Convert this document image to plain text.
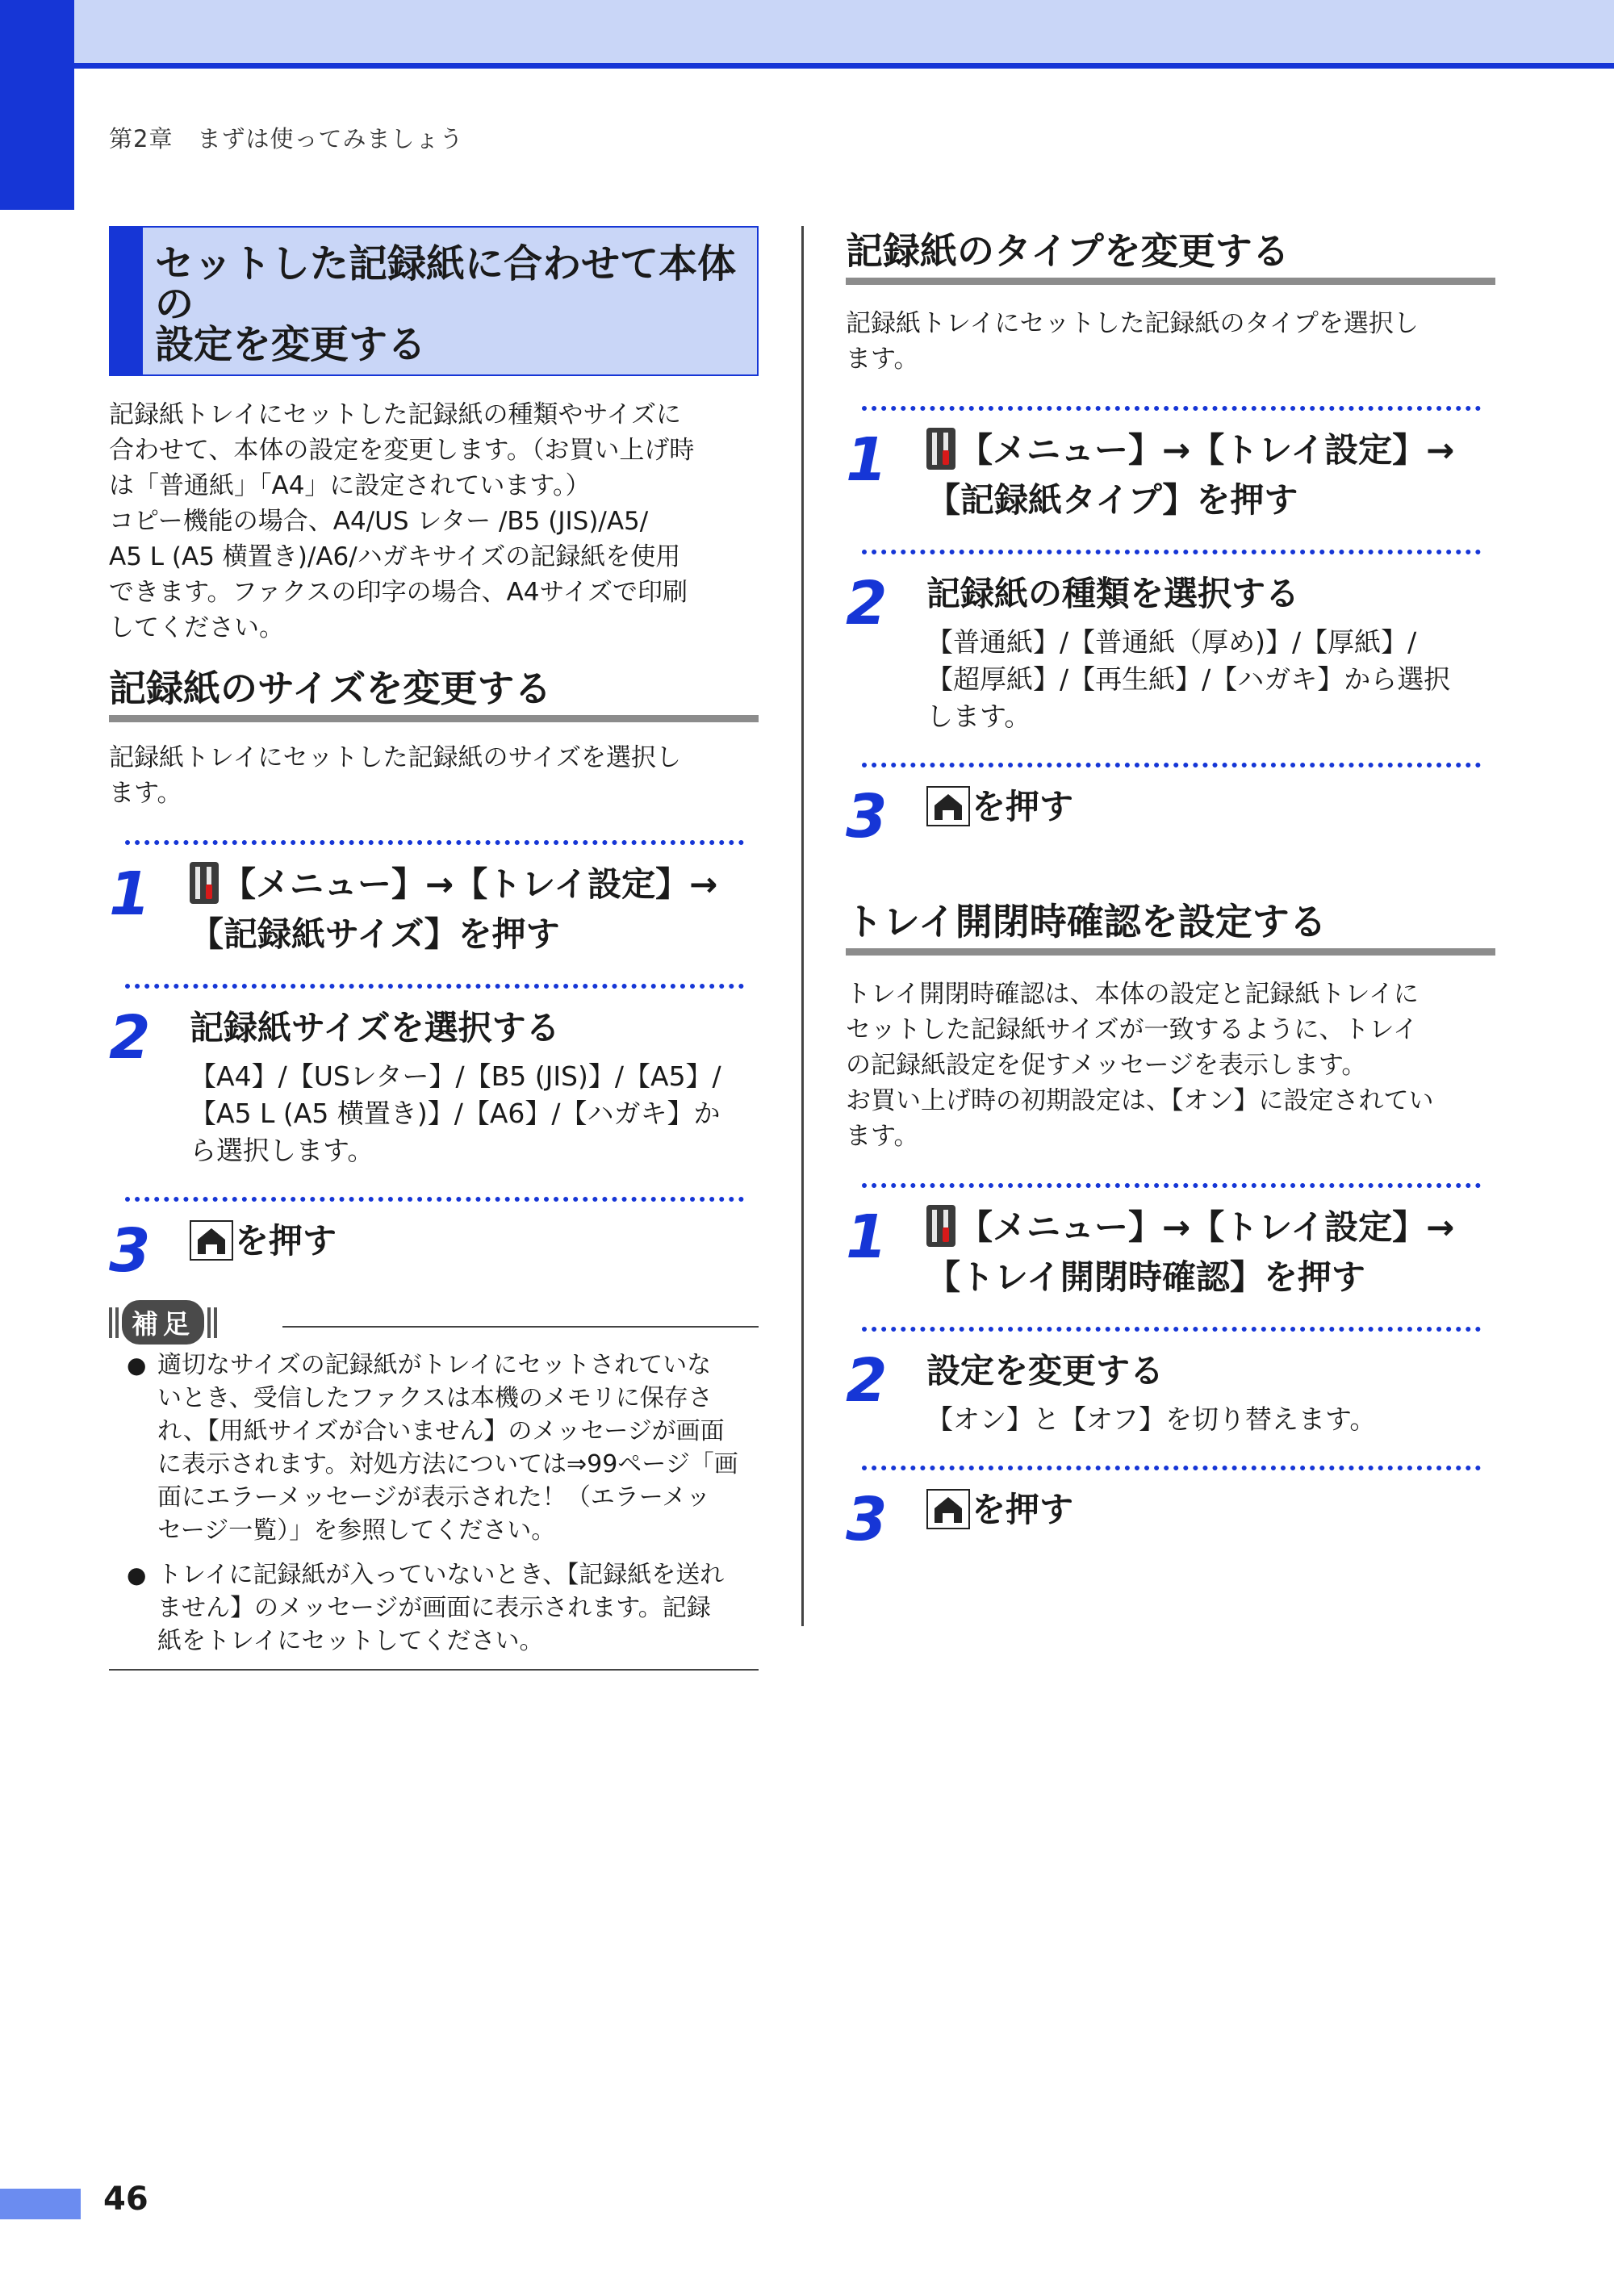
第2章　まずは使ってみましょう
セットした記録紙に合わせて本体の
設定を変更する

記録紙トレイにセットした記録紙の種類やサイズに
合わせて、本体の設定を変更します。（お買い上げ時
は「普通紙」「A4」に設定されています。）
コピー機能の場合、A4/US レター /B5 (JIS)/A5/
A5 L (A5 横置き)/A6/ハガキサイズの記録紙を使用
できます。ファクスの印字の場合、A4サイズで印刷
してください。

記録紙のサイズを変更する

記録紙トレイにセットした記録紙のサイズを選択し
ます。

1	【メニュー】→【トレイ設定】→
【記録紙サイズ】を押す

2 記録紙サイズを選択する

【A4】/【USレター】/【B5 (JIS)】/【A5】/
【A5 L (A5 横置き)】/【A6】/【ハガキ】か
ら選択します。

3	を押す

補足
● 適切なサイズの記録紙がトレイにセットされていな
いとき、受信したファクスは本機のメモリに保存さ
れ、【用紙サイズが合いません】のメッセージが画面
に表示されます。対処方法については⇒99ページ「画
面にエラーメッセージが表示された！（エラーメッ
セージ一覧）」を参照してください。
● トレイに記録紙が入っていないとき、【記録紙を送れ
ません】のメッセージが画面に表示されます。記録
紙をトレイにセットしてください。
記録紙のタイプを変更する

記録紙トレイにセットした記録紙のタイプを選択し
ます。

1	【メニュー】→【トレイ設定】→
【記録紙タイプ】を押す

2 記録紙の種類を選択する

【普通紙】/【普通紙（厚め)】/【厚紙】/
【超厚紙】/【再生紙】/【ハガキ】から選択
します。

3	を押す

トレイ開閉時確認を設定する

トレイ開閉時確認は、本体の設定と記録紙トレイに
セットした記録紙サイズが一致するように、トレイ
の記録紙設定を促すメッセージを表示します。
お買い上げ時の初期設定は、【オン】に設定されてい
ます。

1	【メニュー】→【トレイ設定】→
【トレイ開閉時確認】を押す

2 設定を変更する

【オン】と【オフ】を切り替えます。

3	を押す

46
